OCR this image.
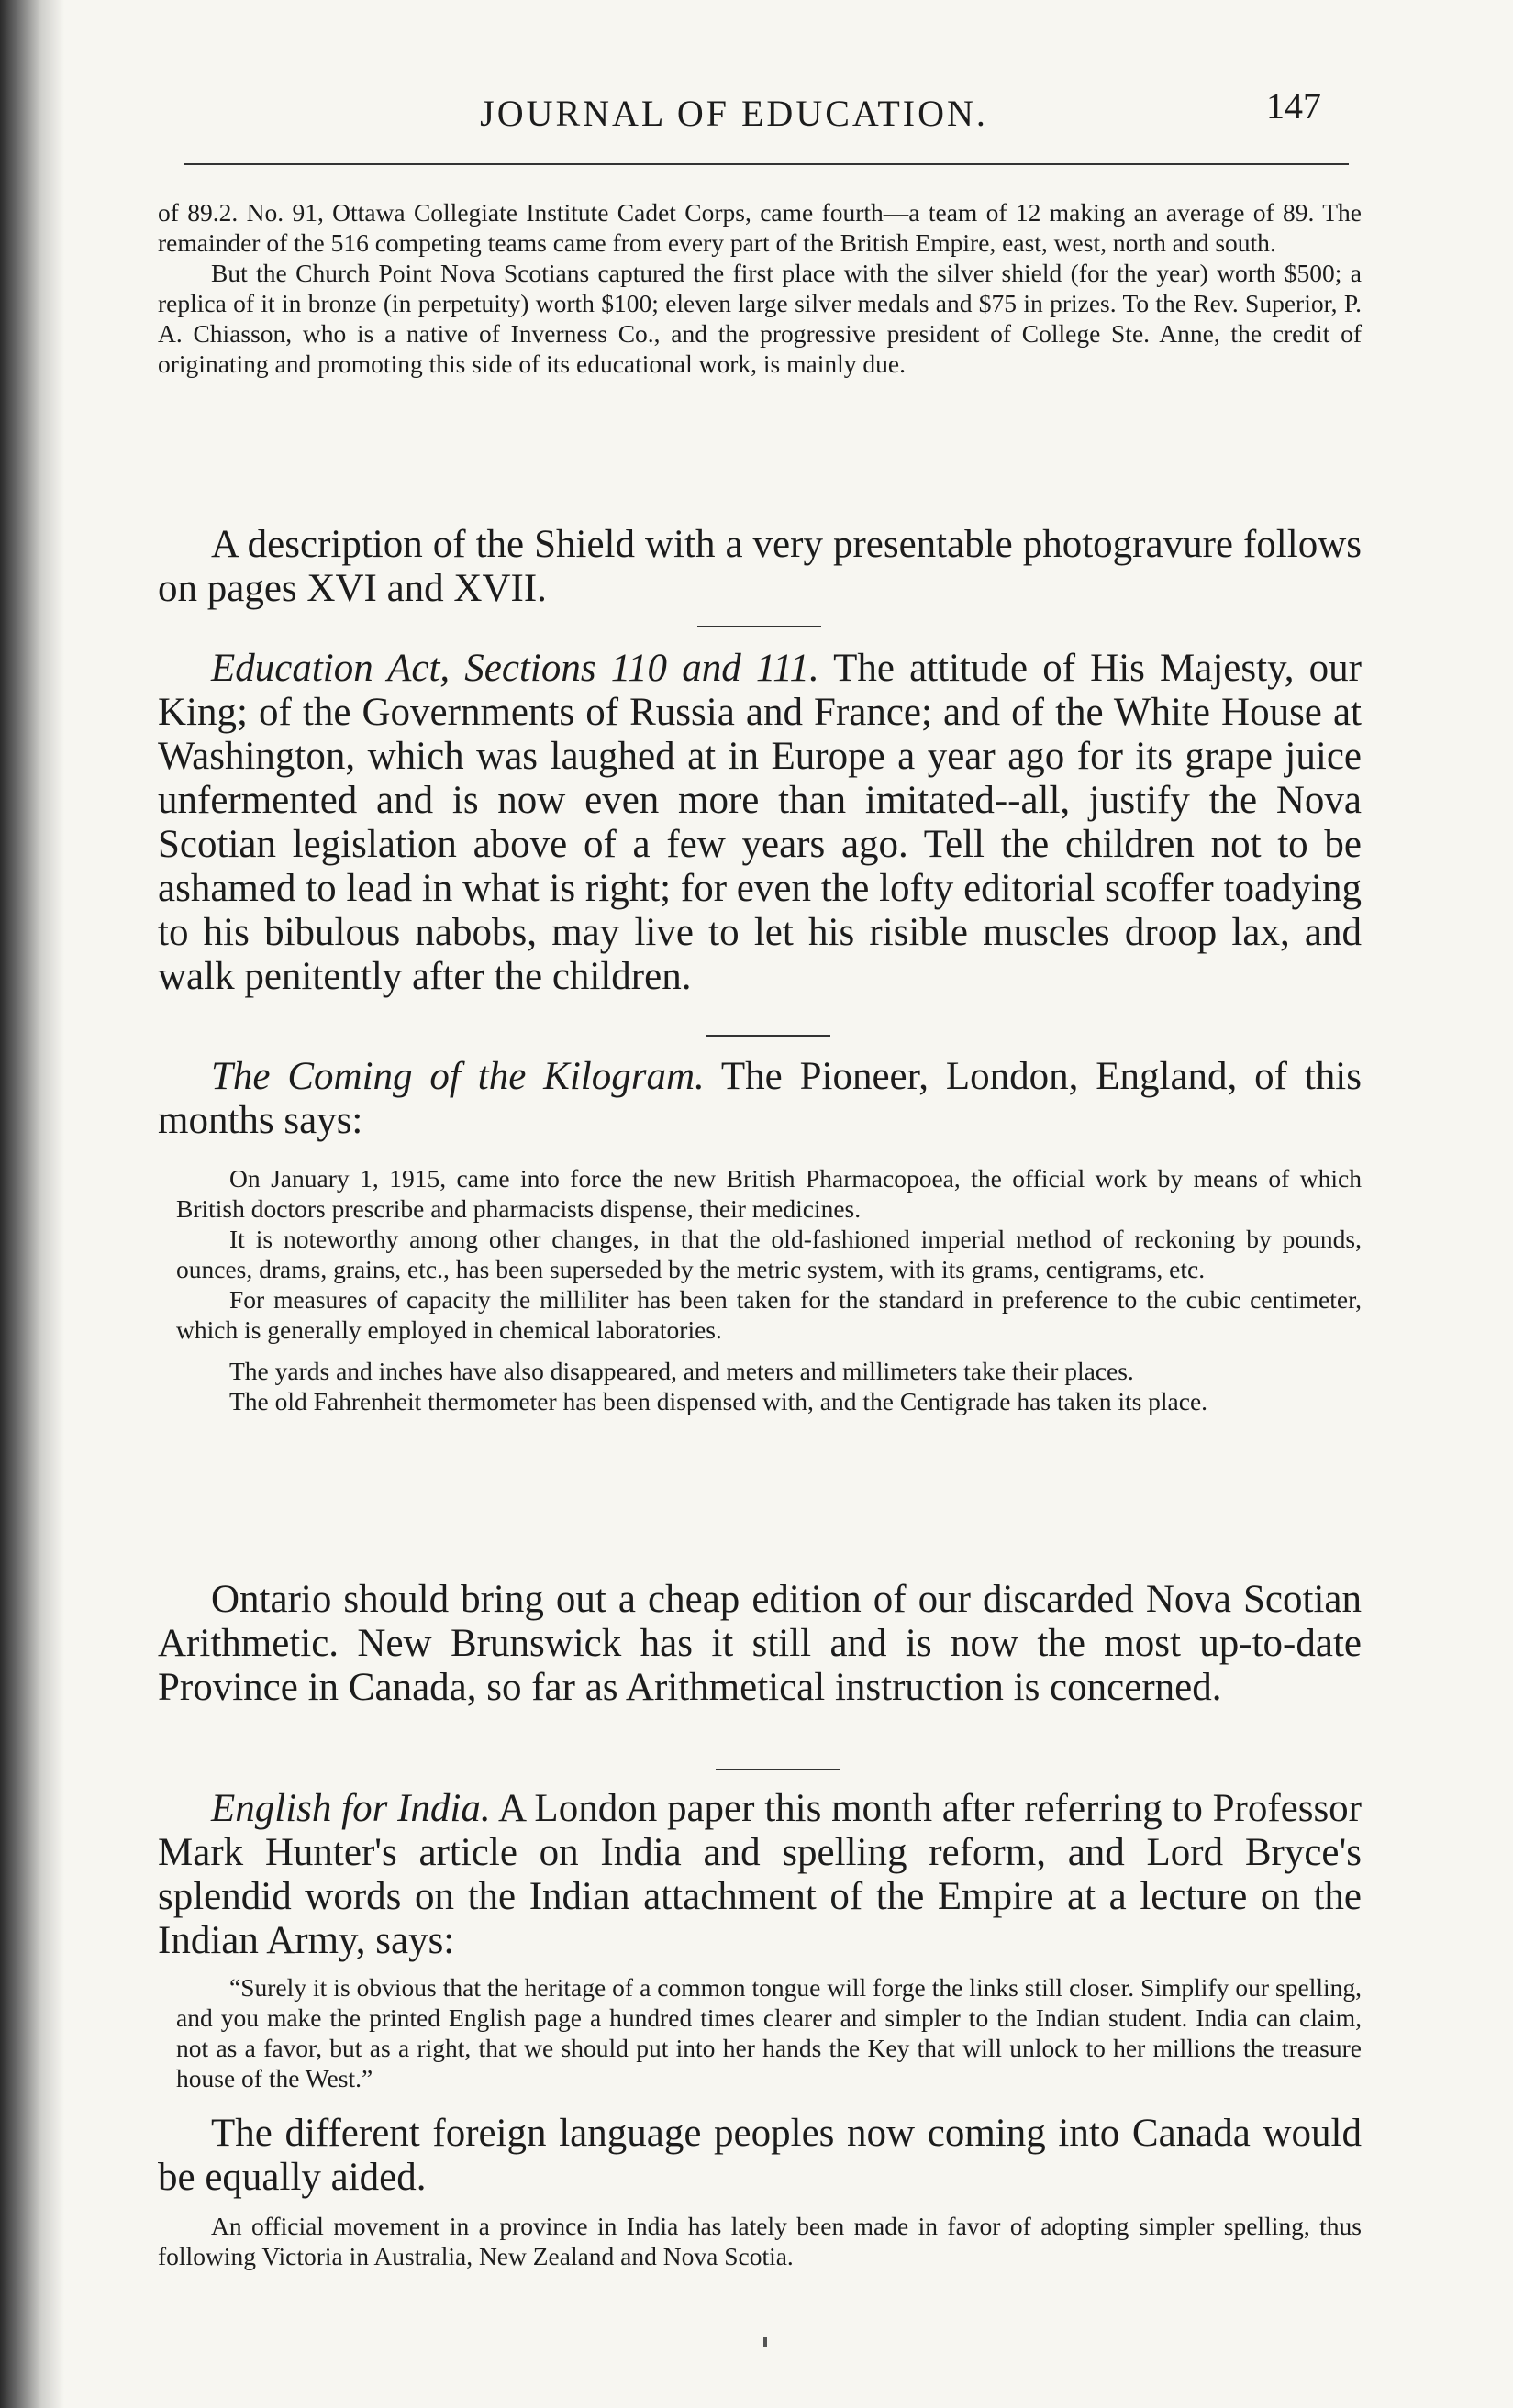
JOURNAL OF EDUCATION.	147

of 89.2. No. 91, Ottawa Collegiate Institute Cadet Corps, came fourth—a team of 12 making an average of 89. The remainder of the 516 competing teams came from every part of the British Empire, east, west, north and south.

But the Church Point Nova Scotians captured the first place with the silver shield (for the year) worth $500; a replica of it in bronze (in perpetuity) worth $100; eleven large silver medals and $75 in prizes. To the Rev. Superior, P. A. Chiasson, who is a native of Inverness Co., and the progressive president of College Ste. Anne, the credit of originating and promoting this side of its educational work, is mainly due.

A description of the Shield with a very presentable photogravure follows on pages XVI and XVII.

Education Act, Sections 110 and 111. The attitude of His Majesty, our King; of the Governments of Russia and France; and of the White House at Washington, which was laughed at in Europe a year ago for its grape juice unfermented and is now even more than imitated--all, justify the Nova Scotian legislation above of a few years ago. Tell the children not to be ashamed to lead in what is right; for even the lofty editorial scoffer toadying to his bibulous nabobs, may live to let his risible muscles droop lax, and walk penitently after the children.

The Coming of the Kilogram. The Pioneer, London, England, of this months says:

On January 1, 1915, came into force the new British Pharmacopoea, the official work by means of which British doctors prescribe and pharmacists dispense, their medicines.

It is noteworthy among other changes, in that the old-fashioned imperial method of reckoning by pounds, ounces, drams, grains, etc., has been superseded by the metric system, with its grams, centigrams, etc.

For measures of capacity the milliliter has been taken for the standard in preference to the cubic centimeter, which is generally employed in chemical laboratories.

The yards and inches have also disappeared, and meters and millimeters take their places.

The old Fahrenheit thermometer has been dispensed with, and the Centigrade has taken its place.

Ontario should bring out a cheap edition of our discarded Nova Scotian Arithmetic. New Brunswick has it still and is now the most up-to-date Province in Canada, so far as Arithmetical instruction is concerned.

English for India. A London paper this month after referring to Professor Mark Hunter's article on India and spelling reform, and Lord Bryce's splendid words on the Indian attachment of the Empire at a lecture on the Indian Army, says:

“Surely it is obvious that the heritage of a common tongue will forge the links still closer. Simplify our spelling, and you make the printed English page a hundred times clearer and simpler to the Indian student. India can claim, not as a favor, but as a right, that we should put into her hands the Key that will unlock to her millions the treasure house of the West.”

The different foreign language peoples now coming into Canada would be equally aided.

An official movement in a province in India has lately been made in favor of adopting simpler spelling, thus following Victoria in Australia, New Zealand and Nova Scotia.
